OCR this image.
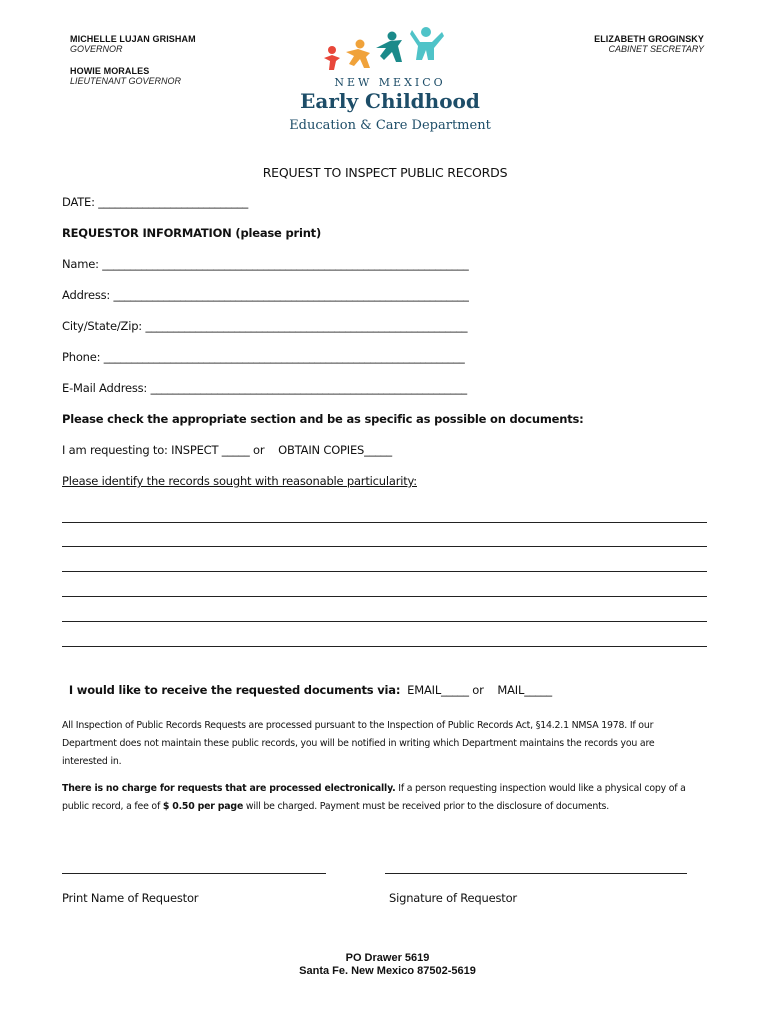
MICHELLE LUJAN GRISHAM
GOVERNOR
HOWIE MORALES
LIEUTENANT GOVERNOR
ELIZABETH GROGINSKY
CABINET SECRETARY
NEW MEXICO
Early Childhood
Education & Care Department
REQUEST TO INSPECT PUBLIC RECORDS
DATE: ___________________________
REQUESTOR INFORMATION (please print)
Name: __________________________________________________________________
Address: ________________________________________________________________
City/State/Zip: __________________________________________________________
Phone: _________________________________________________________________
E-Mail Address: _________________________________________________________
Please check the appropriate section and be as specific as possible on documents:
I am requesting to: INSPECT _____ or    OBTAIN COPIES_____
Please identify the records sought with reasonable particularity:

I would like to receive the requested documents via:  EMAIL_____ or    MAIL_____

All Inspection of Public Records Requests are processed pursuant to the Inspection of Public Records Act, §14.2.1 NMSA 1978. If our Department does not maintain these public records, you will be notified in writing which Department maintains the records you are interested in.
There is no charge for requests that are processed electronically. If a person requesting inspection would like a physical copy of a public record, a fee of $ 0.50 per page will be charged. Payment must be received prior to the disclosure of documents.
Print Name of Requestor	Signature of Requestor
PO Drawer 5619
Santa Fe. New Mexico 87502-5619
